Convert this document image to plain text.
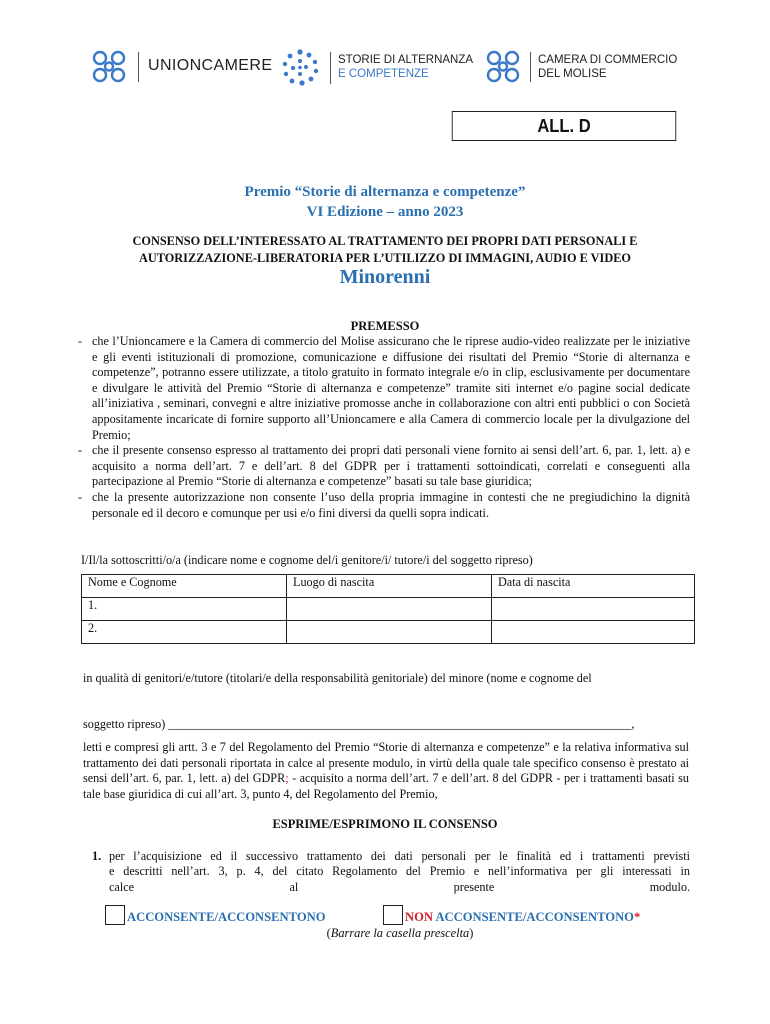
UNIONCAMERE	STORIE DI ALTERNANZA
E COMPETENZE
CAMERA DI COMMERCIO
DEL MOLISE
ALL. D
Premio “Storie di alternanza e competenze”
VI Edizione – anno 2023
CONSENSO DELL’INTERESSATO AL TRATTAMENTO DEI PROPRI DATI PERSONALI E
AUTORIZZAZIONE-LIBERATORIA PER L’UTILIZZO DI IMMAGINI, AUDIO E VIDEO
Minorenni
PREMESSO
- che l’Unioncamere e la Camera di commercio del Molise assicurano che le riprese audio-video realizzate per le iniziative e gli eventi istituzionali di promozione, comunicazione e diffusione dei risultati del Premio “Storie di alternanza e competenze”, potranno essere utilizzate, a titolo gratuito in formato integrale e/o in clip, esclusivamente per documentare e divulgare le attività del Premio “Storie di alternanza e competenze” tramite siti internet e/o pagine social dedicate all’iniziativa , seminari, convegni e altre iniziative promosse anche in collaborazione con altri enti pubblici o con Società appositamente incaricate di fornire supporto all’Unioncamere e alla Camera di commercio locale per la divulgazione del Premio;
- che il presente consenso espresso al trattamento dei propri dati personali viene fornito ai sensi dell’art. 6, par. 1, lett. a) e acquisito a norma dell’art. 7 e dell’art. 8 del GDPR per i trattamenti sottoindicati, correlati e conseguenti alla partecipazione al Premio “Storie di alternanza e competenze” basati su tale base giuridica;
- che la presente autorizzazione non consente l’uso della propria immagine in contesti che ne pregiudichino la dignità personale ed il decoro e comunque per usi e/o fini diversi da quelli sopra indicati.
I/Il/la sottoscritti/o/a (indicare nome e cognome del/i genitore/i/ tutore/i del soggetto ripreso)
Nome e Cognome	Luogo di nascita	Data di nascita
1.		
2.		
in qualità di genitori/e/tutore (titolari/e della responsabilità genitoriale) del minore (nome e cognome del
soggetto ripreso) ____________________________________________________________________________,
letti e compresi gli artt. 3 e 7 del Regolamento del Premio “Storie di alternanza e competenze” e la relativa informativa sul trattamento dei dati personali riportata in calce al presente modulo, in virtù della quale tale specifico consenso è prestato ai sensi dell’art. 6, par. 1, lett. a) del GDPR; - acquisito a norma dell’art. 7 e dell’art. 8 del GDPR - per i trattamenti basati su tale base giuridica di cui all’art. 3, punto 4, del Regolamento del Premio,
ESPRIME/ESPRIMONO IL CONSENSO
1. per l’acquisizione ed il successivo trattamento dei dati personali per le finalità ed i trattamenti previsti
e descritti nell’art. 3, p. 4, del citato Regolamento del Premio e nell’informativa per gli interessati in
calce al presente modulo.
ACCONSENTE/ACCONSENTONO	NON ACCONSENTE/ACCONSENTONO*
(Barrare la casella prescelta)
